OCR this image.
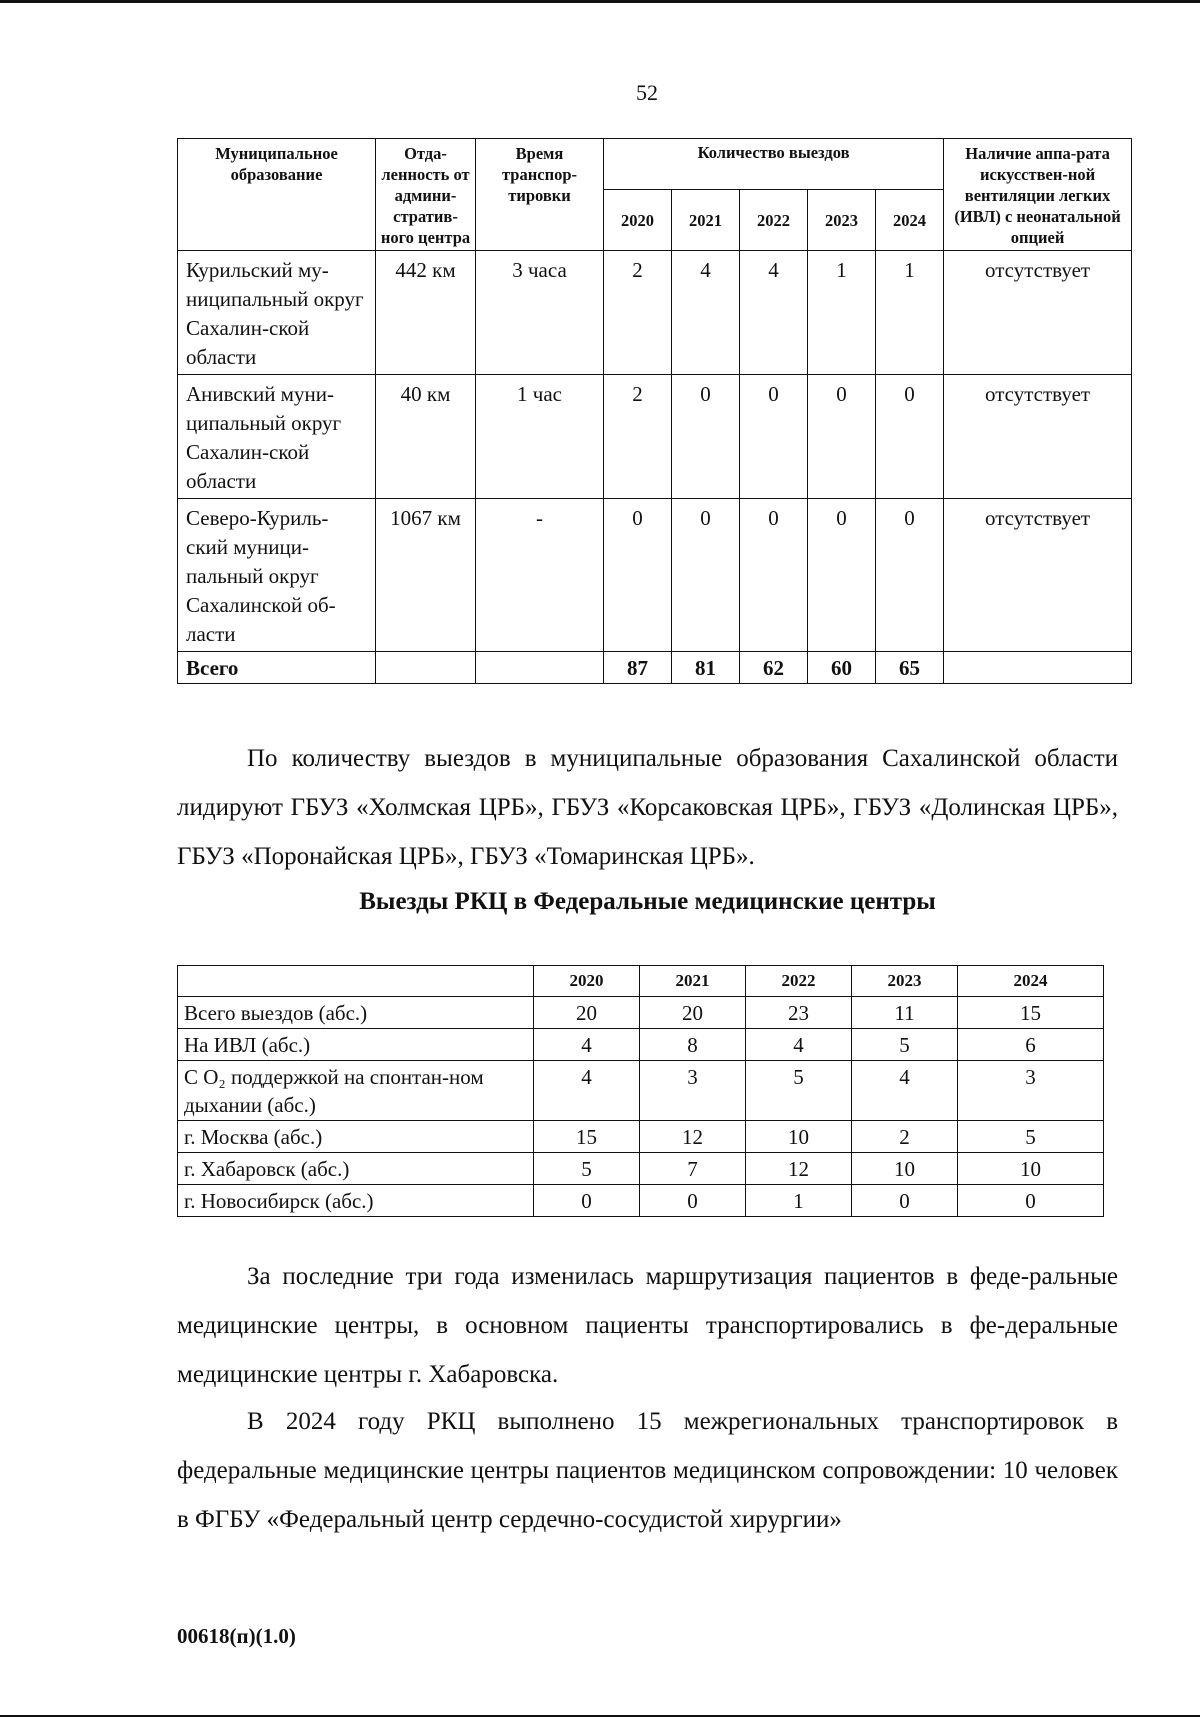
52
Муниципальное образование	Отда-ленность от админи-стратив-ного центра	Время транспор-тировки	Количество выездов					Наличие аппа-рата искусствен-ной вентиляции легких (ИВЛ) с неонатальной опцией
			2020	2021	2022	2023	2024	
Курильский му-ниципальный округ Сахалин-ской области	442 км	3 часа	2	4	4	1	1	отсутствует
Анивский муни-ципальный округ Сахалин-ской области	40 км	1 час	2	0	0	0	0	отсутствует
Северо-Куриль-ский муници-пальный округ Сахалинской об-ласти	1067 км	-	0	0	0	0	0	отсутствует
Всего			87	81	62	60	65	

По количеству выездов в муниципальные образования Сахалинской области лидируют ГБУЗ «Холмская ЦРБ», ГБУЗ «Корсаковская ЦРБ», ГБУЗ «Долинская ЦРБ», ГБУЗ «Поронайская ЦРБ», ГБУЗ «Томаринская ЦРБ».

Выезды РКЦ в Федеральные медицинские центры
	2020	2021	2022	2023	2024
Всего выездов (абс.)	20	20	23	11	15
На ИВЛ (абс.)	4	8	4	5	6
С O₂ поддержкой на спонтан-ном дыхании (абс.)	4	3	5	4	3
г. Москва (абс.)	15	12	10	2	5
г. Хабаровск (абс.)	5	7	12	10	10
г. Новосибирск (абс.)	0	0	1	0	0

За последние три года изменилась маршрутизация пациентов в феде-ральные медицинские центры, в основном пациенты транспортировались в фе-деральные медицинские центры г. Хабаровска.

В 2024 году РКЦ выполнено 15 межрегиональных транспортировок в федеральные медицинские центры пациентов медицинском сопровождении: 10 человек в ФГБУ «Федеральный центр сердечно-сосудистой хирургии»

00618(п)(1.0)
